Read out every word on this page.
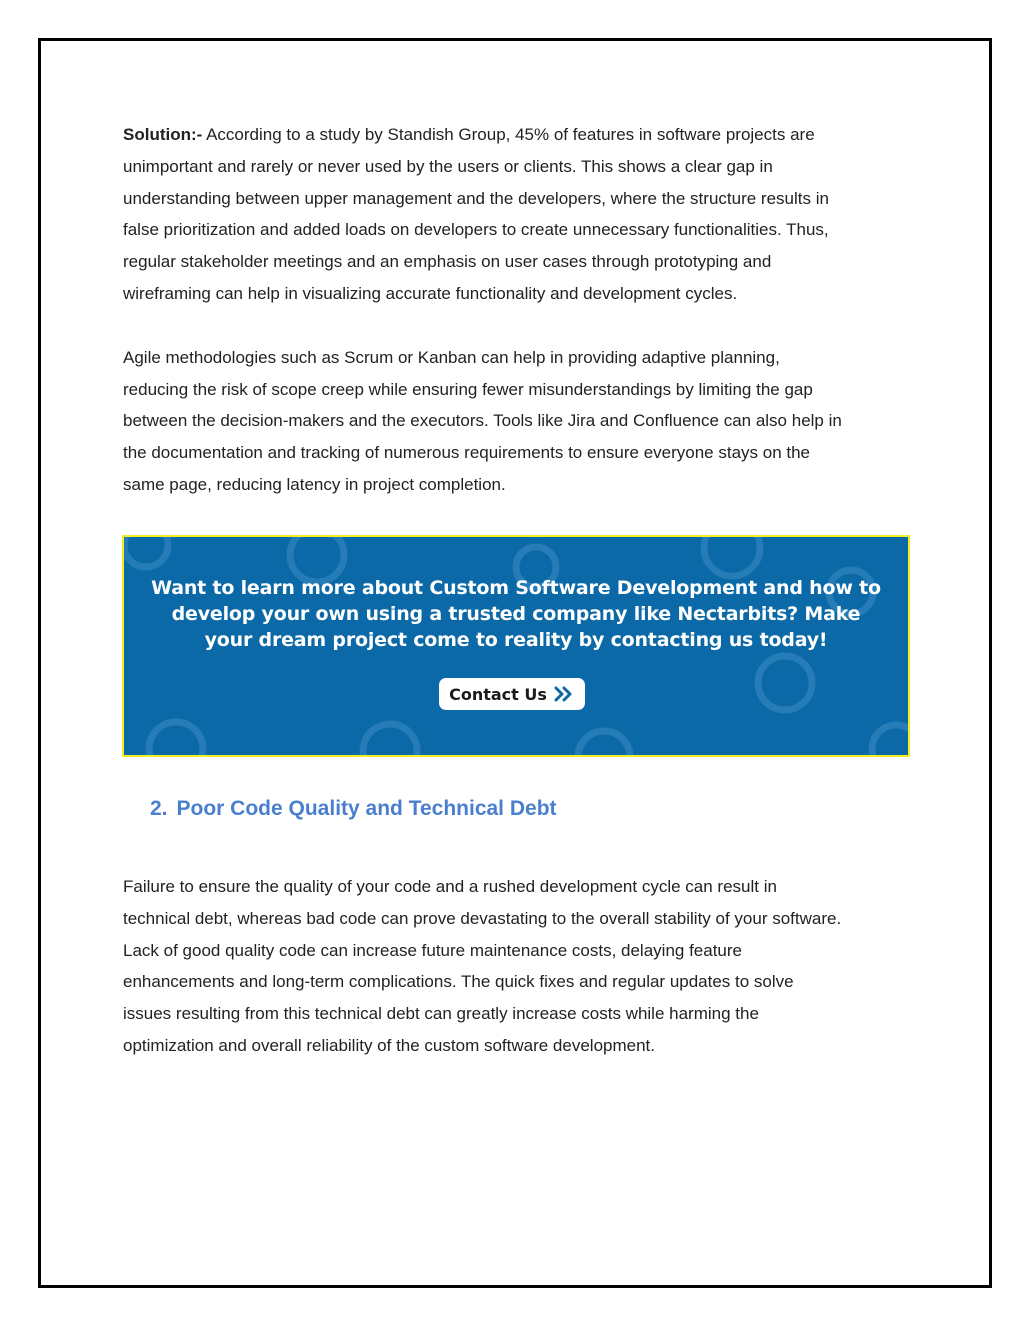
Solution:- According to a study by Standish Group, 45% of features in software projects are
unimportant and rarely or never used by the users or clients. This shows a clear gap in
understanding between upper management and the developers, where the structure results in
false prioritization and added loads on developers to create unnecessary functionalities. Thus,
regular stakeholder meetings and an emphasis on user cases through prototyping and
wireframing can help in visualizing accurate functionality and development cycles.

Agile methodologies such as Scrum or Kanban can help in providing adaptive planning,
reducing the risk of scope creep while ensuring fewer misunderstandings by limiting the gap
between the decision-makers and the executors. Tools like Jira and Confluence can also help in
the documentation and tracking of numerous requirements to ensure everyone stays on the
same page, reducing latency in project completion.

Want to learn more about Custom Software Development and how to
develop your own using a trusted company like Nectarbits? Make
your dream project come to reality by contacting us today!
Contact Us
2. Poor Code Quality and Technical Debt

Failure to ensure the quality of your code and a rushed development cycle can result in
technical debt, whereas bad code can prove devastating to the overall stability of your software.
Lack of good quality code can increase future maintenance costs, delaying feature
enhancements and long-term complications. The quick fixes and regular updates to solve
issues resulting from this technical debt can greatly increase costs while harming the
optimization and overall reliability of the custom software development.
